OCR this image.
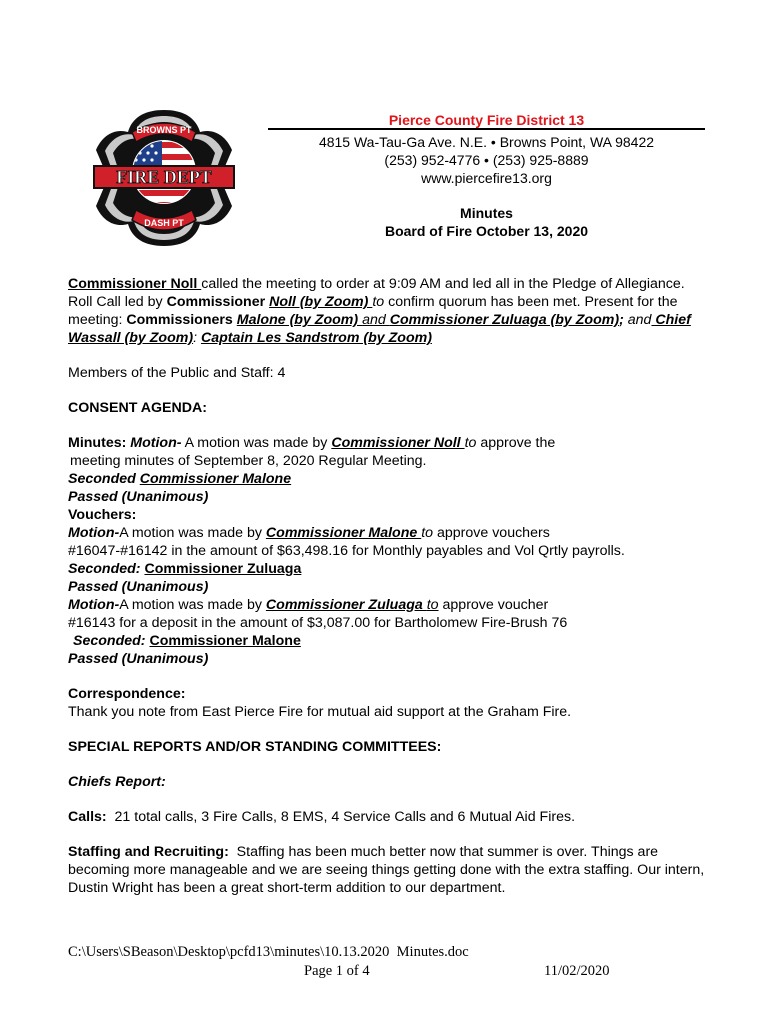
BROWNS PT
DASH PT
FIRE DEPT
Pierce County Fire District 13
4815 Wa-Tau-Ga Ave. N.E. • Browns Point, WA 98422
(253) 952-4776 • (253) 925-8889
www.piercefire13.org
Minutes
Board of Fire October 13, 2020

Commissioner Noll called the meeting to order at 9:09 AM and led all in the Pledge of Allegiance.

Roll Call led by Commissioner Noll (by Zoom) to confirm quorum has been met. Present for the meeting: Commissioners Malone (by Zoom) and Commissioner Zuluaga (by Zoom); and Chief Wassall (by Zoom): Captain Les Sandstrom (by Zoom)

Members of the Public and Staff: 4

CONSENT AGENDA:

Minutes: Motion- A motion was made by Commissioner Noll to approve the

meeting minutes of September 8, 2020 Regular Meeting.

Seconded Commissioner Malone

Passed (Unanimous)

Vouchers:

Motion-A motion was made by Commissioner Malone to approve vouchers

#16047-#16142 in the amount of $63,498.16 for Monthly payables and Vol Qrtly payrolls.

Seconded: Commissioner Zuluaga

Passed (Unanimous)

Motion-A motion was made by Commissioner Zuluaga to approve voucher

#16143 for a deposit in the amount of $3,087.00 for Bartholomew Fire-Brush 76

Seconded: Commissioner Malone

Passed (Unanimous)

Correspondence:

Thank you note from East Pierce Fire for mutual aid support at the Graham Fire.

SPECIAL REPORTS AND/OR STANDING COMMITTEES:

Chiefs Report:

Calls:  21 total calls, 3 Fire Calls, 8 EMS, 4 Service Calls and 6 Mutual Aid Fires.

Staffing and Recruiting:  Staffing has been much better now that summer is over. Things are becoming more manageable and we are seeing things getting done with the extra staffing. Our intern, Dustin Wright has been a great short-term addition to our department.

C:\Users\SBeason\Desktop\pcfd13\minutes\10.13.2020  Minutes.doc
Page 1 of 4	11/02/2020
